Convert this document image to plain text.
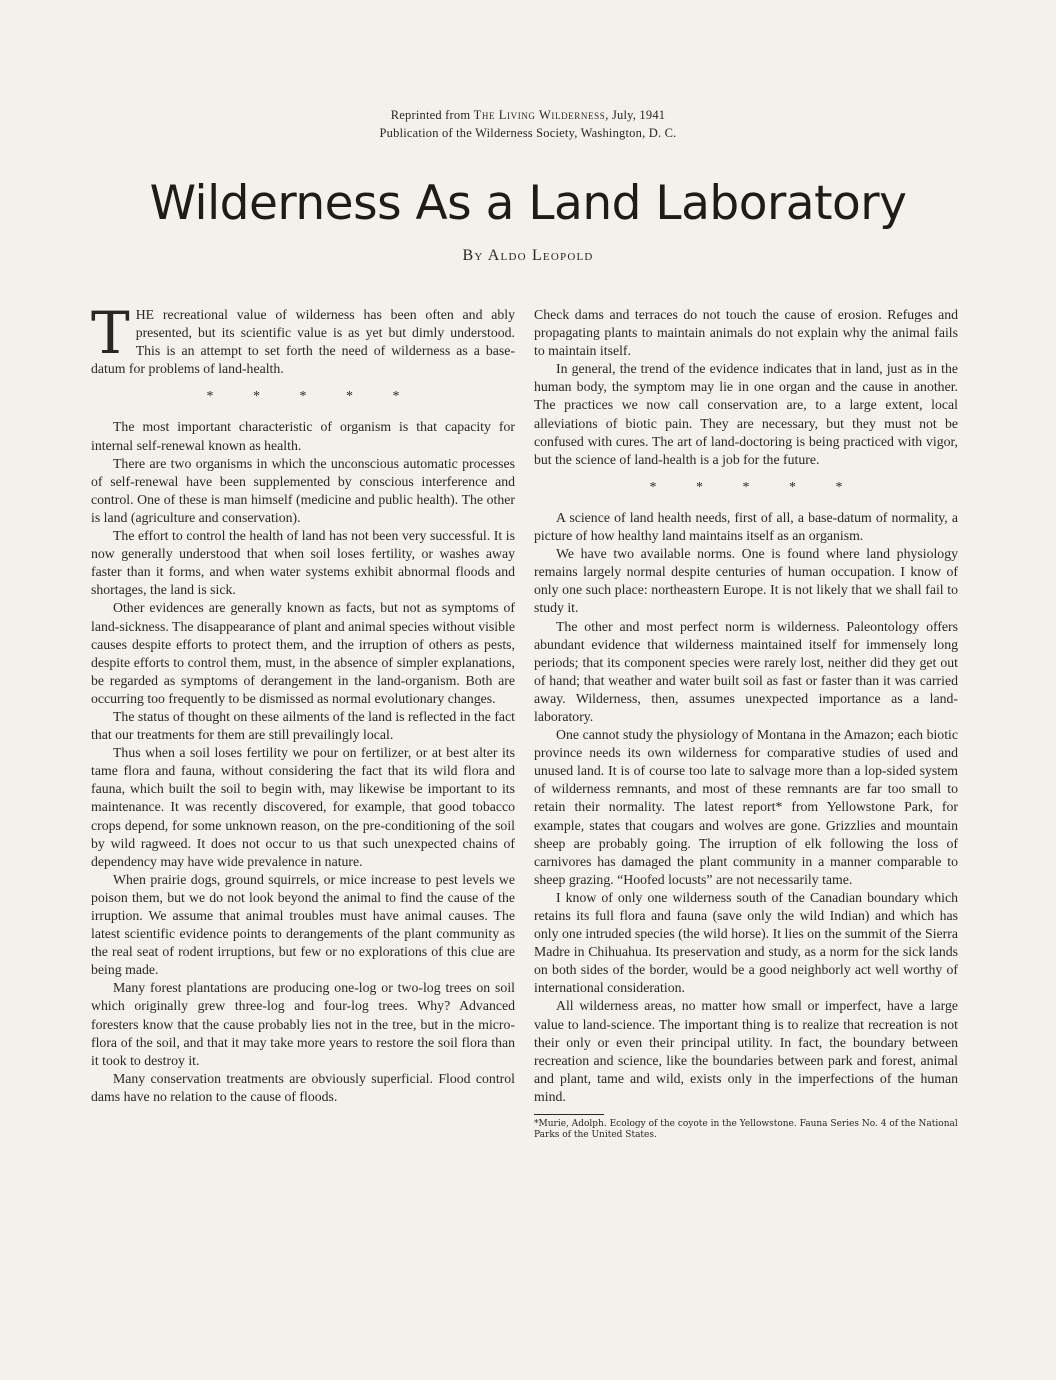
Reprinted from The Living Wilderness, July, 1941
Publication of the Wilderness Society, Washington, D. C.
Wilderness As a Land Laboratory
By Aldo Leopold

THE recreational value of wilderness has been often and ably presented, but its scientific value is as yet but dimly understood. This is an attempt to set forth the need of wilderness as a base-datum for problems of land-health.

* * * * *

The most important characteristic of organism is that capacity for internal self-renewal known as health.

There are two organisms in which the unconscious automatic processes of self-renewal have been supplemented by conscious interference and control. One of these is man himself (medicine and public health). The other is land (agriculture and conservation).

The effort to control the health of land has not been very successful. It is now generally understood that when soil loses fertility, or washes away faster than it forms, and when water systems exhibit abnormal floods and shortages, the land is sick.

Other evidences are generally known as facts, but not as symptoms of land-sickness. The disappearance of plant and animal species without visible causes despite efforts to protect them, and the irruption of others as pests, despite efforts to control them, must, in the absence of simpler explanations, be regarded as symptoms of derangement in the land-organism. Both are occurring too frequently to be dismissed as normal evolutionary changes.

The status of thought on these ailments of the land is reflected in the fact that our treatments for them are still prevailingly local.

Thus when a soil loses fertility we pour on fertilizer, or at best alter its tame flora and fauna, without considering the fact that its wild flora and fauna, which built the soil to begin with, may likewise be important to its maintenance. It was recently discovered, for example, that good tobacco crops depend, for some unknown reason, on the pre-conditioning of the soil by wild ragweed. It does not occur to us that such unexpected chains of dependency may have wide prevalence in nature.

When prairie dogs, ground squirrels, or mice increase to pest levels we poison them, but we do not look beyond the animal to find the cause of the irruption. We assume that animal troubles must have animal causes. The latest scientific evidence points to derangements of the plant community as the real seat of rodent irruptions, but few or no explorations of this clue are being made.

Many forest plantations are producing one-log or two-log trees on soil which originally grew three-log and four-log trees. Why? Advanced foresters know that the cause probably lies not in the tree, but in the micro-flora of the soil, and that it may take more years to restore the soil flora than it took to destroy it.

Many conservation treatments are obviously superficial. Flood control dams have no relation to the cause of floods.

Check dams and terraces do not touch the cause of erosion. Refuges and propagating plants to maintain animals do not explain why the animal fails to maintain itself.

In general, the trend of the evidence indicates that in land, just as in the human body, the symptom may lie in one organ and the cause in another. The practices we now call conservation are, to a large extent, local alleviations of biotic pain. They are necessary, but they must not be confused with cures. The art of land-doctoring is being practiced with vigor, but the science of land-health is a job for the future.

* * * * *

A science of land health needs, first of all, a base-datum of normality, a picture of how healthy land maintains itself as an organism.

We have two available norms. One is found where land physiology remains largely normal despite centuries of human occupation. I know of only one such place: northeastern Europe. It is not likely that we shall fail to study it.

The other and most perfect norm is wilderness. Paleontology offers abundant evidence that wilderness maintained itself for immensely long periods; that its component species were rarely lost, neither did they get out of hand; that weather and water built soil as fast or faster than it was carried away. Wilderness, then, assumes unexpected importance as a land-laboratory.

One cannot study the physiology of Montana in the Amazon; each biotic province needs its own wilderness for comparative studies of used and unused land. It is of course too late to salvage more than a lop-sided system of wilderness remnants, and most of these remnants are far too small to retain their normality. The latest report* from Yellowstone Park, for example, states that cougars and wolves are gone. Grizzlies and mountain sheep are probably going. The irruption of elk following the loss of carnivores has damaged the plant community in a manner comparable to sheep grazing. “Hoofed locusts” are not necessarily tame.

I know of only one wilderness south of the Canadian boundary which retains its full flora and fauna (save only the wild Indian) and which has only one intruded species (the wild horse). It lies on the summit of the Sierra Madre in Chihuahua. Its preservation and study, as a norm for the sick lands on both sides of the border, would be a good neighborly act well worthy of international consideration.

All wilderness areas, no matter how small or imperfect, have a large value to land-science. The important thing is to realize that recreation is not their only or even their principal utility. In fact, the boundary between recreation and science, like the boundaries between park and forest, animal and plant, tame and wild, exists only in the imperfections of the human mind.

*Murie, Adolph. Ecology of the coyote in the Yellowstone. Fauna Series No. 4 of the National Parks of the United States.
